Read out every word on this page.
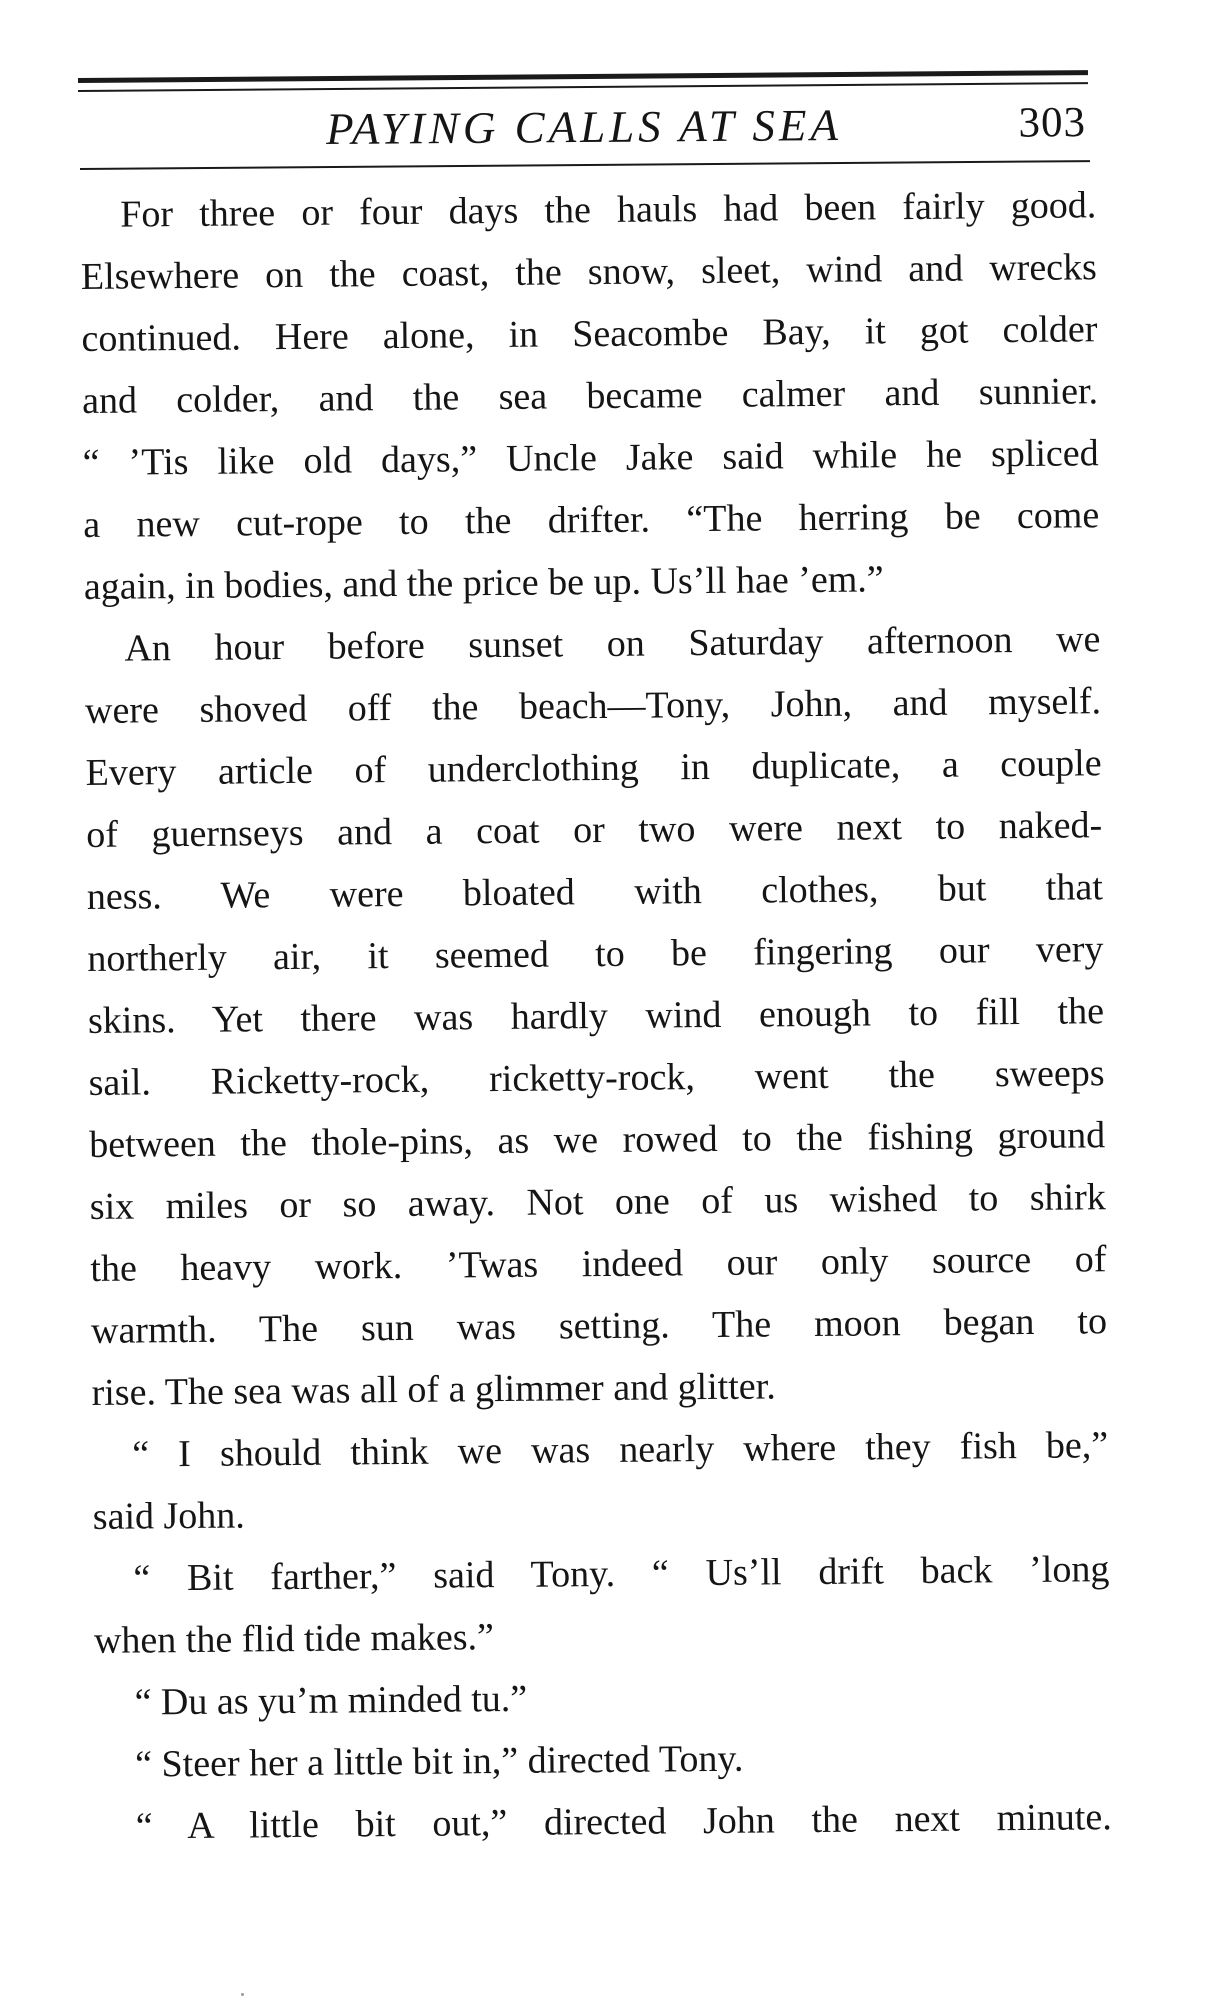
PAYING CALLS AT SEA	303
For three or four days the hauls had been fairly good.
Elsewhere on the coast, the snow, sleet, wind and wrecks
continued. Here alone, in Seacombe Bay, it got colder
and colder, and the sea became calmer and sunnier.
“ ’Tis like old days,” Uncle Jake said while he spliced
a new cut-rope to the drifter. “The herring be come
again, in bodies, and the price be up. Us’ll hae ’em.”
An hour before sunset on Saturday afternoon we
were shoved off the beach—Tony, John, and myself.
Every article of underclothing in duplicate, a couple
of guernseys and a coat or two were next to naked-
ness. We were bloated with clothes, but that
northerly air, it seemed to be fingering our very
skins. Yet there was hardly wind enough to fill the
sail. Ricketty-rock, ricketty-rock, went the sweeps
between the thole-pins, as we rowed to the fishing ground
six miles or so away. Not one of us wished to shirk
the heavy work. ’Twas indeed our only source of
warmth. The sun was setting. The moon began to
rise. The sea was all of a glimmer and glitter.
“ I should think we was nearly where they fish be,”
said John.
“ Bit farther,” said Tony. “ Us’ll drift back ’long
when the flid tide makes.”
“ Du as yu’m minded tu.”
“ Steer her a little bit in,” directed Tony.
“ A little bit out,” directed John the next minute.
